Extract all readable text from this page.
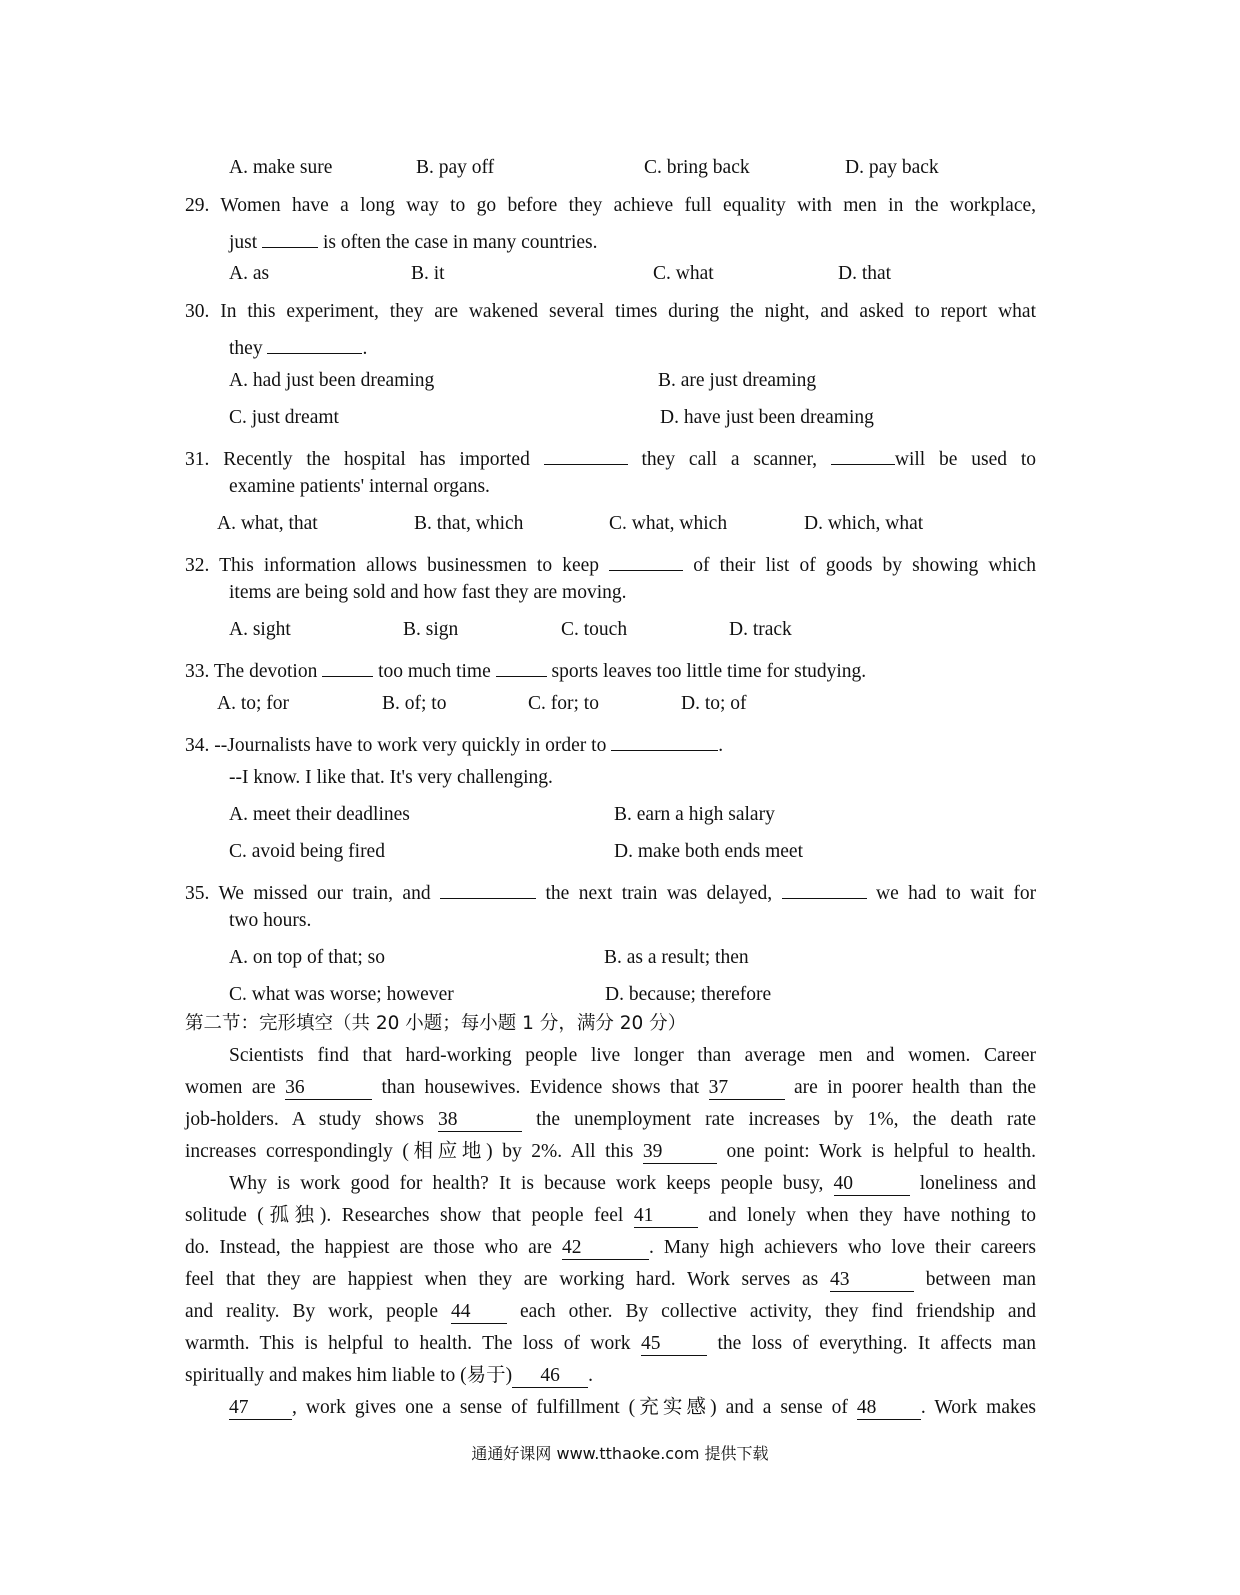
A. make sure	B. pay off	C. bring back	D. pay back
29. Women have a long way to go before they achieve full equality with men in the workplace,
just	is often the case in many countries.
A. as	B. it	C. what	D. that
30. In this experiment, they are wakened several times during the night, and asked to report what
they	.
A. had just been dreaming	B. are just dreaming
C. just dreamt	D. have just been dreaming
31. Recently the hospital has imported	they call a scanner,	will be used to
examine patients' internal organs.
A. what, that	B. that, which	C. what, which	D. which, what
32. This information allows businessmen to keep	of their list of goods by showing which
items are being sold and how fast they are moving.
A. sight	B. sign	C. touch	D. track
33. The devotion	too much time	sports leaves too little time for studying.
A. to; for	B. of; to	C. for; to	D. to; of
34. --Journalists have to work very quickly in order to	.
--I know. I like that. It's very challenging.
A. meet their deadlines	B. earn a high salary
C. avoid being fired	D. make both ends meet
35. We missed our train, and	the next train was delayed,	we had to wait for
two hours.
A. on top of that; so	B. as a result; then
C. what was worse; however	D. because; therefore
第二节：完形填空（共 20 小题；每小题 1 分，满分 20 分）
Scientists find that hard-working people live longer than average men and women. Career
women are 36	than housewives. Evidence shows that 37	are in poorer health than the
job-holders. A study shows 38	the unemployment rate increases by 1%, the death rate
increases correspondingly (相应地) by 2%. All this 39	one point: Work is helpful to health.
Why is work good for health? It is because work keeps people busy, 40	loneliness and
solitude (孤独). Researches show that people feel 41	and lonely when they have nothing to
do. Instead, the happiest are those who are 42	. Many high achievers who love their careers
feel that they are happiest when they are working hard. Work serves as 43	between man
and reality. By work, people 44	each other. By collective activity, they find friendship and
warmth. This is helpful to health. The loss of work 45	the loss of everything. It affects man
spiritually and makes him liable to (易于) 46 .
47 , work gives one a sense of fulfillment (充实感) and a sense of 48 . Work makes
通通好课网 www.tthaoke.com 提供下载
